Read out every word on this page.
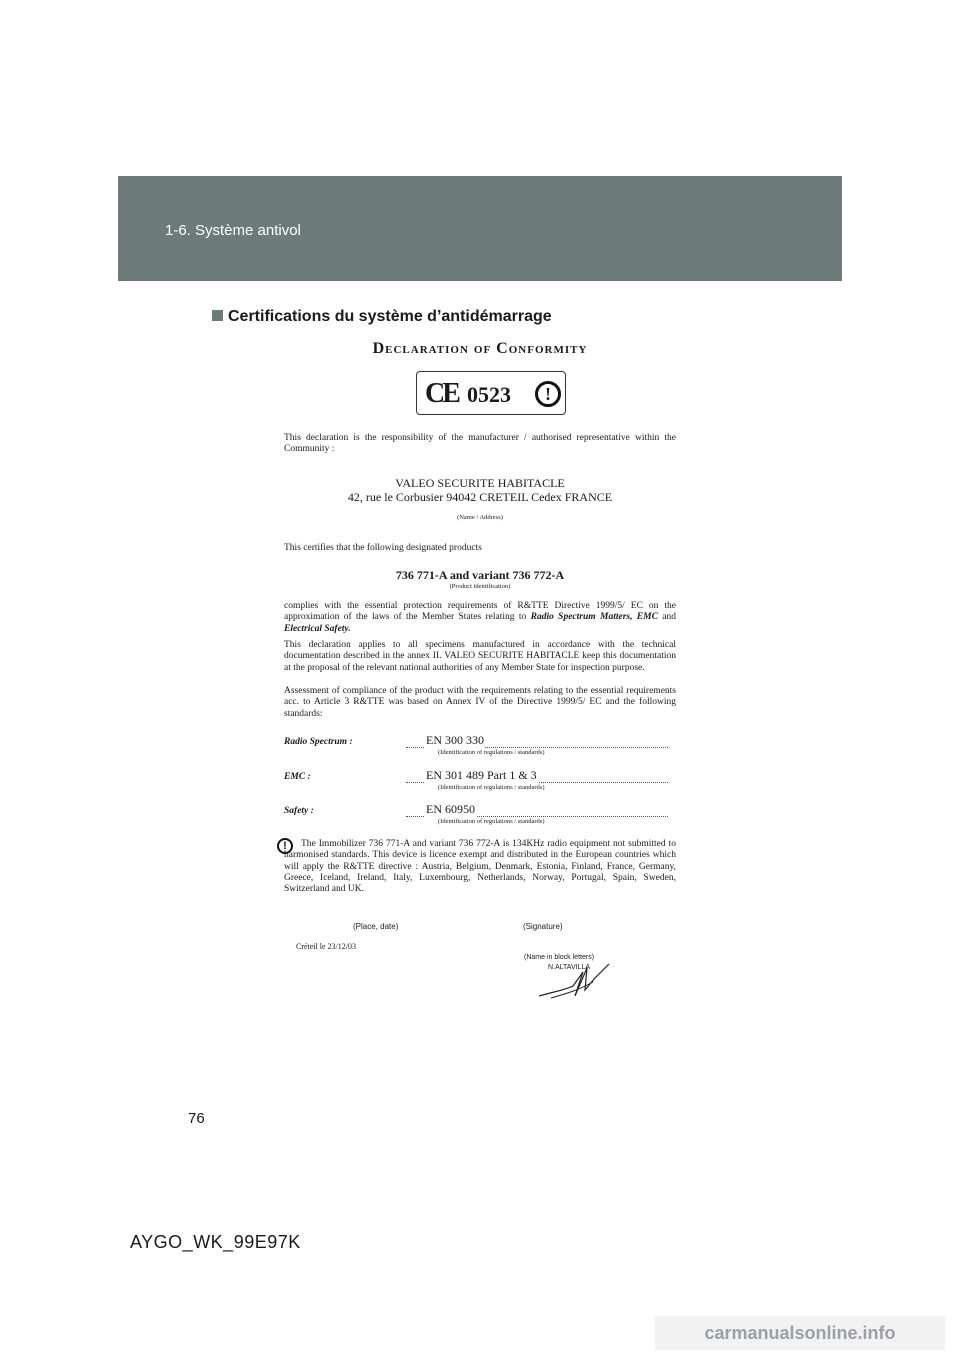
1-6. Système antivol
Certifications du système d’antidémarrage
Declaration of Conformity
CE 0523	!
This declaration is the responsibility of the manufacturer / authorised representative within the Community :
VALEO SECURITE HABITACLE
42, rue le Corbusier 94042 CRETEIL Cedex FRANCE
(Name / Address)
This certifies that the following designated products
736 771-A and variant 736 772-A
(Product identification)
complies with the essential protection requirements of R&TTE Directive 1999/5/ EC on the approximation of the laws of the Member States relating to Radio Spectrum Matters, EMC and Electrical Safety.
This declaration applies to all specimens manufactured in accordance with the technical documentation described in the annex II. VALEO SECURITE HABITACLE keep this documentation at the proposal of the relevant national authorities of any Member State for inspection purpose.
Assessment of compliance of the product with the requirements relating to the essential requirements acc. to Article 3 R&TTE was based on Annex IV of the Directive 1999/5/ EC and the following standards:
Radio Spectrum :	EN 300 330
(Identification of regulations / standards)
EMC :	EN 301 489 Part 1 & 3
(Identification of regulations / standards)
Safety :	EN 60950
(Identification of regulations / standards)
!	The Immobilizer 736 771-A and variant 736 772-A is 134KHz radio equipment not submitted to harmonised standards. This device is licence exempt and distributed in the European countries which will apply the R&TTE directive : Austria, Belgium, Denmark, Estonia, Finland, France, Germany, Greece, Iceland, Ireland, Italy, Luxembourg, Netherlands, Norway, Portugal, Spain, Sweden, Switzerland and UK.
(Place, date)	(Signature)
Créteil le 23/12/03
(Name in block letters)
N.ALTAVILLA
76
AYGO_WK_99E97K
carmanualsonline.info
